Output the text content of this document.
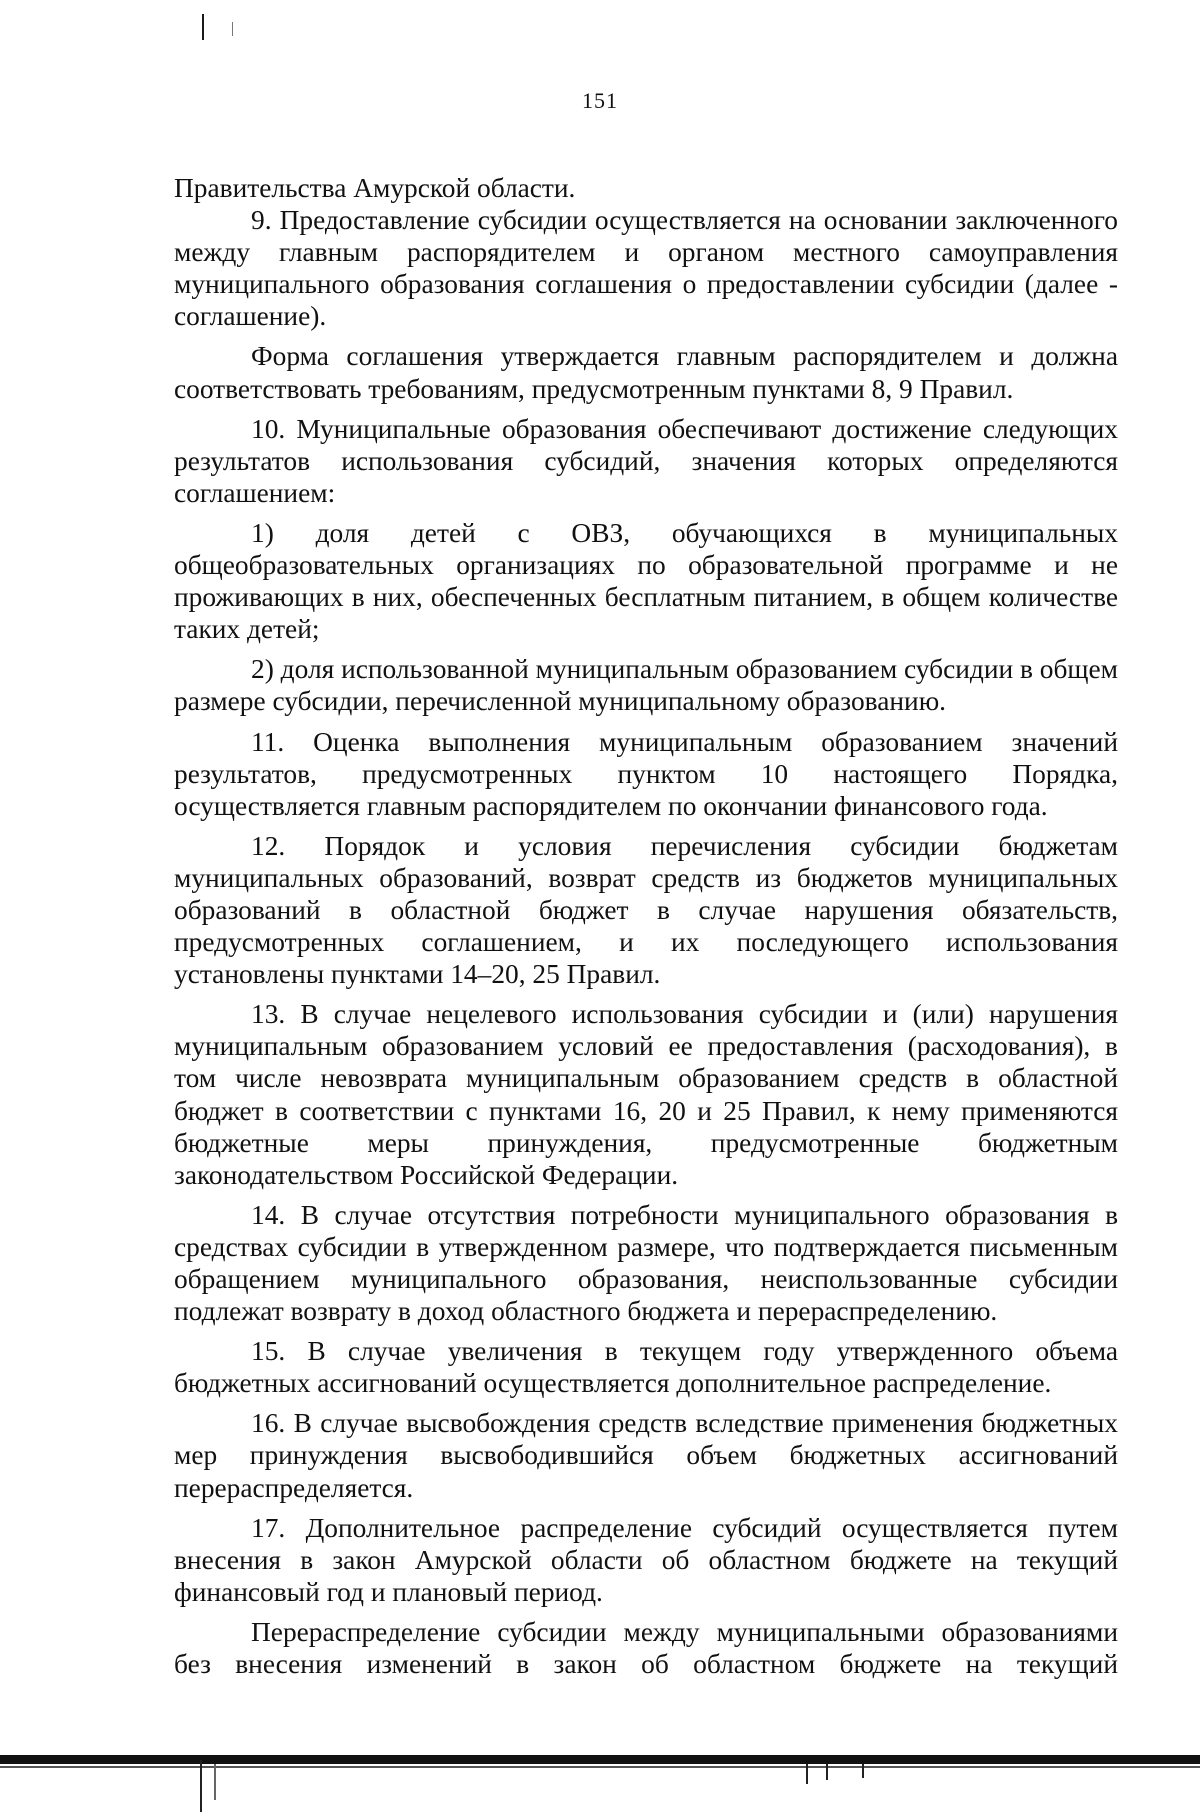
151

Правительства Амурской области.

9. Предоставление субсидии осуществляется на основании заключенного между главным распорядителем и органом местного самоуправления муниципального образования соглашения о предоставлении субсидии (далее - соглашение).

Форма соглашения утверждается главным распорядителем и должна соответствовать требованиям, предусмотренным пунктами 8, 9 Правил.

10. Муниципальные образования обеспечивают достижение следующих результатов использования субсидий, значения которых определяются соглашением:

1) доля детей с ОВЗ, обучающихся в муниципальных общеобразовательных организациях по образовательной программе и не проживающих в них, обеспеченных бесплатным питанием, в общем количестве таких детей;

2) доля использованной муниципальным образованием субсидии в общем размере субсидии, перечисленной муниципальному образованию.

11. Оценка выполнения муниципальным образованием значений результатов, предусмотренных пунктом 10 настоящего Порядка, осуществляется главным распорядителем по окончании финансового года.

12. Порядок и условия перечисления субсидии бюджетам муниципальных образований, возврат средств из бюджетов муниципальных образований в областной бюджет в случае нарушения обязательств, предусмотренных соглашением, и их последующего использования установлены пунктами 14–20, 25 Правил.

13. В случае нецелевого использования субсидии и (или) нарушения муниципальным образованием условий ее предоставления (расходования), в том числе невозврата муниципальным образованием средств в областной бюджет в соответствии с пунктами 16, 20 и 25 Правил, к нему применяются бюджетные меры принуждения, предусмотренные бюджетным законодательством Российской Федерации.

14. В случае отсутствия потребности муниципального образования в средствах субсидии в утвержденном размере, что подтверждается письменным обращением муниципального образования, неиспользованные субсидии подлежат возврату в доход областного бюджета и перераспределению.

15. В случае увеличения в текущем году утвержденного объема бюджетных ассигнований осуществляется дополнительное распределение.

16. В случае высвобождения средств вследствие применения бюджетных мер принуждения высвободившийся объем бюджетных ассигнований перераспределяется.

17. Дополнительное распределение субсидий осуществляется путем внесения в закон Амурской области об областном бюджете на текущий финансовый год и плановый период.

Перераспределение субсидии между муниципальными образованиями без внесения изменений в закон об областном бюджете на текущий
